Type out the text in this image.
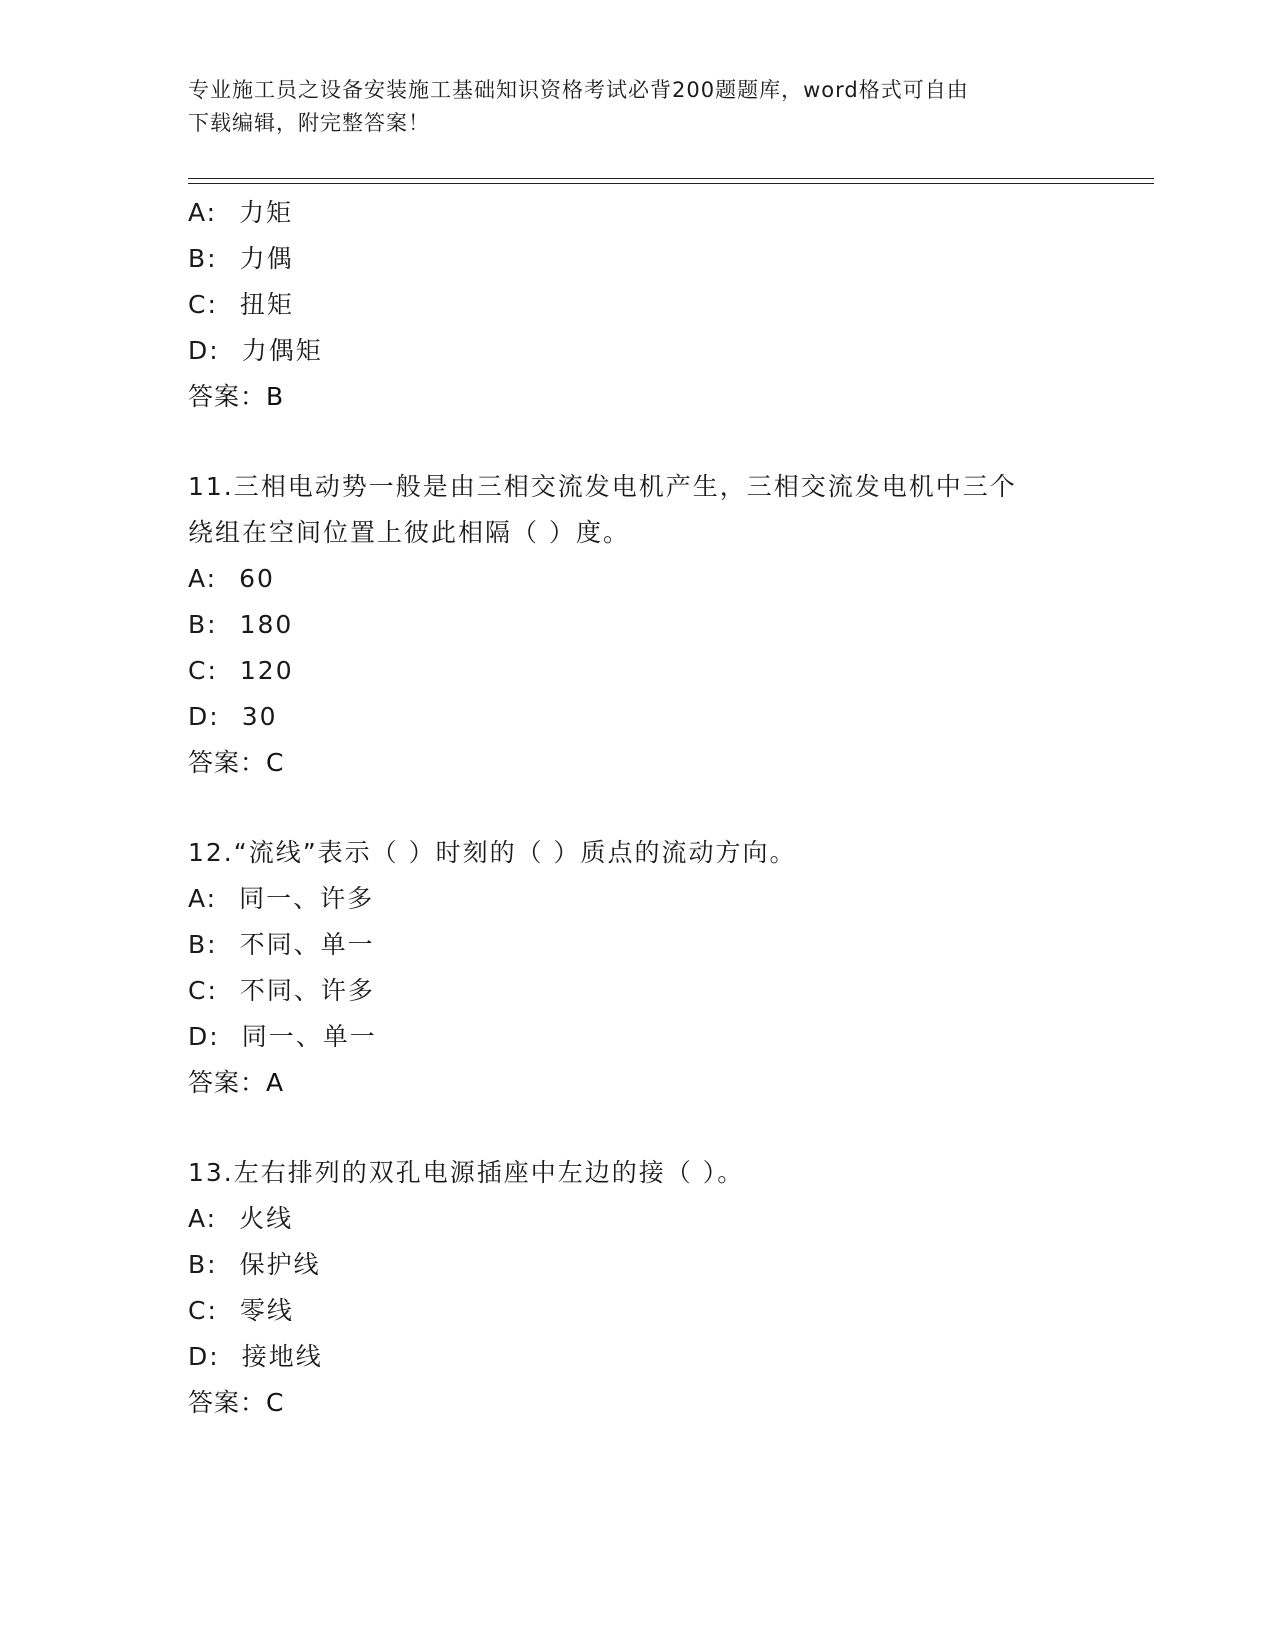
专业施工员之设备安装施工基础知识资格考试必背200题题库，word格式可自由
下载编辑，附完整答案！
A: 力矩
B: 力偶
C: 扭矩
D: 力偶矩
答案：B
11.三相电动势一般是由三相交流发电机产生，三相交流发电机中三个
绕组在空间位置上彼此相隔（ ）度。
A: 60
B: 180
C: 120
D: 30
答案：C
12.“流线”表示（ ）时刻的（ ）质点的流动方向。
A: 同一、许多
B: 不同、单一
C: 不同、许多
D: 同一、单一
答案：A
13.左右排列的双孔电源插座中左边的接（ ）。
A: 火线
B: 保护线
C: 零线
D: 接地线
答案：C
